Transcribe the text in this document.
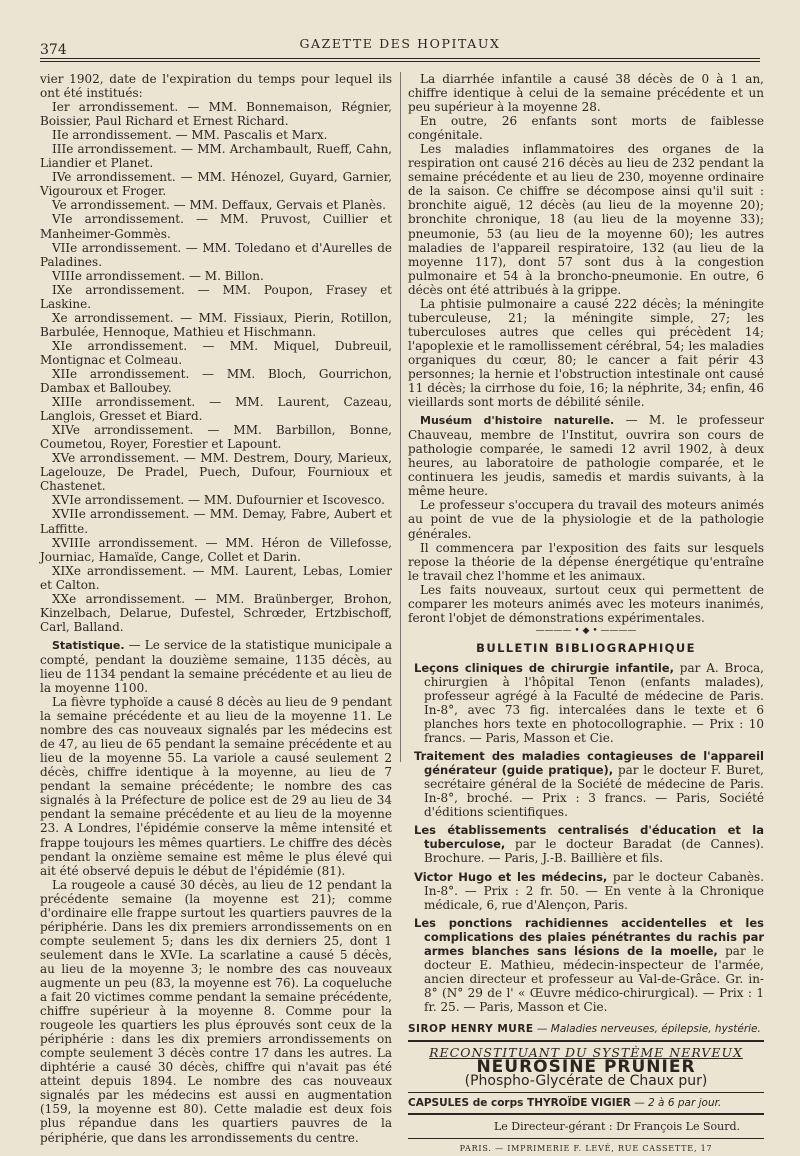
374	GAZETTE DES HOPITAUX

vier 1902, date de l'expiration du temps pour lequel ils ont été institués:

Ier arrondissement. — MM. Bonnemaison, Régnier, Boissier, Paul Richard et Ernest Richard.

IIe arrondissement. — MM. Pascalis et Marx.

IIIe arrondissement. — MM. Archambault, Rueff, Cahn, Liandier et Planet.

IVe arrondissement. — MM. Hénozel, Guyard, Garnier, Vigouroux et Froger.

Ve arrondissement. — MM. Deffaux, Gervais et Planès.

VIe arrondissement. — MM. Pruvost, Cuillier et Manheimer-Gommès.

VIIe arrondissement. — MM. Toledano et d'Aurelles de Paladines.

VIIIe arrondissement. — M. Billon.

IXe arrondissement. — MM. Poupon, Frasey et Laskine.

Xe arrondissement. — MM. Fissiaux, Pierin, Rotillon, Barbulée, Hennoque, Mathieu et Hischmann.

XIe arrondissement. — MM. Miquel, Dubreuil, Montignac et Colmeau.

XIIe arrondissement. — MM. Bloch, Gourrichon, Dambax et Balloubey.

XIIIe arrondissement. — MM. Laurent, Cazeau, Langlois, Gresset et Biard.

XIVe arrondissement. — MM. Barbillon, Bonne, Coumetou, Royer, Forestier et Lapount.

XVe arrondissement. — MM. Destrem, Doury, Marieux, Lagelouze, De Pradel, Puech, Dufour, Fournioux et Chastenet.

XVIe arrondissement. — MM. Dufournier et Iscovesco.

XVIIe arrondissement. — MM. Demay, Fabre, Aubert et Laffitte.

XVIIIe arrondissement. — MM. Héron de Villefosse, Journiac, Hamaïde, Cange, Collet et Darin.

XIXe arrondissement. — MM. Laurent, Lebas, Lomier et Calton.

XXe arrondissement. — MM. Braünberger, Brohon, Kinzelbach, Delarue, Dufestel, Schrœder, Ertzbischoff, Carl, Balland.

Statistique. — Le service de la statistique municipale a compté, pendant la douzième semaine, 1135 décès, au lieu de 1134 pendant la semaine précédente et au lieu de la moyenne 1100.

La fièvre typhoïde a causé 8 décès au lieu de 9 pendant la semaine précédente et au lieu de la moyenne 11. Le nombre des cas nouveaux signalés par les médecins est de 47, au lieu de 65 pendant la semaine précédente et au lieu de la moyenne 55. La variole a causé seulement 2 décès, chiffre identique à la moyenne, au lieu de 7 pendant la semaine précédente; le nombre des cas signalés à la Préfecture de police est de 29 au lieu de 34 pendant la semaine précédente et au lieu de la moyenne 23. A Londres, l'épidémie conserve la même intensité et frappe toujours les mêmes quartiers. Le chiffre des décès pendant la onzième semaine est même le plus élevé qui ait été observé depuis le début de l'épidémie (81).

La rougeole a causé 30 décès, au lieu de 12 pendant la précédente semaine (la moyenne est 21); comme d'ordinaire elle frappe surtout les quartiers pauvres de la périphérie. Dans les dix premiers arrondissements on en compte seulement 5; dans les dix derniers 25, dont 1 seulement dans le XVIe. La scarlatine a causé 5 décès, au lieu de la moyenne 3; le nombre des cas nouveaux augmente un peu (83, la moyenne est 76). La coqueluche a fait 20 victimes comme pendant la semaine précédente, chiffre supérieur à la moyenne 8. Comme pour la rougeole les quartiers les plus éprouvés sont ceux de la périphérie : dans les dix premiers arrondissements on compte seulement 3 décès contre 17 dans les autres. La diphtérie a causé 30 décès, chiffre qui n'avait pas été atteint depuis 1894. Le nombre des cas nouveaux signalés par les médecins est aussi en augmentation (159, la moyenne est 80). Cette maladie est deux fois plus répandue dans les quartiers pauvres de la périphérie, que dans les arrondissements du centre.

La diarrhée infantile a causé 38 décès de 0 à 1 an, chiffre identique à celui de la semaine précédente et un peu supérieur à la moyenne 28.

En outre, 26 enfants sont morts de faiblesse congénitale.

Les maladies inflammatoires des organes de la respiration ont causé 216 décès au lieu de 232 pendant la semaine précédente et au lieu de 230, moyenne ordinaire de la saison. Ce chiffre se décompose ainsi qu'il suit : bronchite aiguë, 12 décès (au lieu de la moyenne 20); bronchite chronique, 18 (au lieu de la moyenne 33); pneumonie, 53 (au lieu de la moyenne 60); les autres maladies de l'appareil respiratoire, 132 (au lieu de la moyenne 117), dont 57 sont dus à la congestion pulmonaire et 54 à la broncho-pneumonie. En outre, 6 décès ont été attribués à la grippe.

La phtisie pulmonaire a causé 222 décès; la méningite tuberculeuse, 21; la méningite simple, 27; les tuberculoses autres que celles qui précèdent 14; l'apoplexie et le ramollissement cérébral, 54; les maladies organiques du cœur, 80; le cancer a fait périr 43 personnes; la hernie et l'obstruction intestinale ont causé 11 décès; la cirrhose du foie, 16; la néphrite, 34; enfin, 46 vieillards sont morts de débilité sénile.

Muséum d'histoire naturelle. — M. le professeur Chauveau, membre de l'Institut, ouvrira son cours de pathologie comparée, le samedi 12 avril 1902, à deux heures, au laboratoire de pathologie comparée, et le continuera les jeudis, samedis et mardis suivants, à la même heure.

Le professeur s'occupera du travail des moteurs animés au point de vue de la physiologie et de la pathologie générales.

Il commencera par l'exposition des faits sur lesquels repose la théorie de la dépense énergétique qu'entraîne le travail chez l'homme et les animaux.

Les faits nouveaux, surtout ceux qui permettent de comparer les moteurs animés avec les moteurs inanimés, feront l'objet de démonstrations expérimentales.

———— • ◆ • ————
BULLETIN BIBLIOGRAPHIQUE

Leçons cliniques de chirurgie infantile, par A. Broca, chirurgien à l'hôpital Tenon (enfants malades), professeur agrégé à la Faculté de médecine de Paris. In-8°, avec 73 fig. intercalées dans le texte et 6 planches hors texte en photocollographie. — Prix : 10 francs. — Paris, Masson et Cie.

Traitement des maladies contagieuses de l'appareil générateur (guide pratique), par le docteur F. Buret, secrétaire général de la Société de médecine de Paris. In-8°, broché. — Prix : 3 francs. — Paris, Société d'éditions scientifiques.

Les établissements centralisés d'éducation et la tuberculose, par le docteur Baradat (de Cannes). Brochure. — Paris, J.-B. Baillière et fils.

Victor Hugo et les médecins, par le docteur Cabanès. In-8°. — Prix : 2 fr. 50. — En vente à la Chronique médicale, 6, rue d'Alençon, Paris.

Les ponctions rachidiennes accidentelles et les complications des plaies pénétrantes du rachis par armes blanches sans lésions de la moelle, par le docteur E. Mathieu, médecin-inspecteur de l'armée, ancien directeur et professeur au Val-de-Grâce. Gr. in-8° (N° 29 de l' « Œuvre médico-chirurgical). — Prix : 1 fr. 25. — Paris, Masson et Cie.

SIROP HENRY MURE — Maladies nerveuses, épilepsie, hystérie.
RECONSTITUANT DU SYSTÈME NERVEUX
NEUROSINE PRUNIER
(Phospho-Glycérate de Chaux pur)
CAPSULES de corps THYROÏDE VIGIER — 2 à 6 par jour.
Le Directeur-gérant : Dr François Le Sourd.
PARIS. — IMPRIMERIE F. LEVÉ, RUE CASSETTE, 17
